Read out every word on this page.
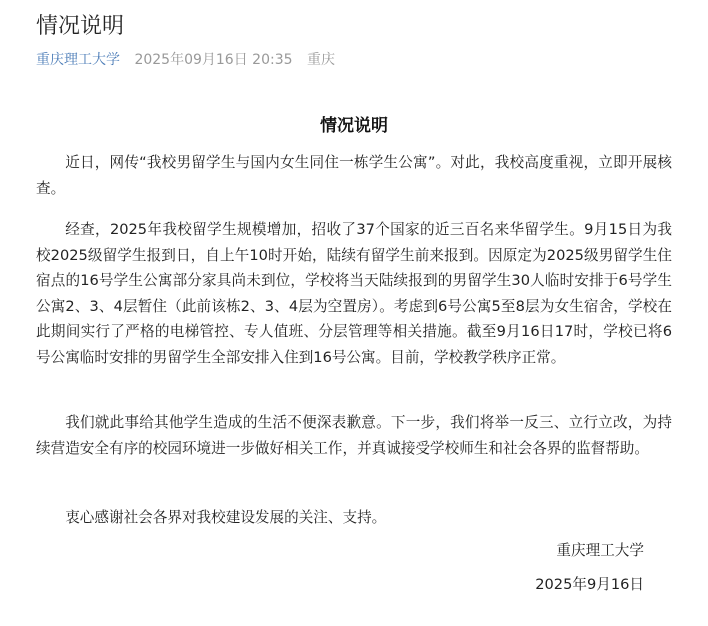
情况说明
重庆理工大学 2025年09月16日 20:35 重庆
情况说明

近日，网传“我校男留学生与国内女生同住一栋学生公寓”。对此，我校高度重视，立即开展核查。

经查，2025年我校留学生规模增加，招收了37个国家的近三百名来华留学生。9月15日为我校2025级留学生报到日，自上午10时开始，陆续有留学生前来报到。因原定为2025级男留学生住宿点的16号学生公寓部分家具尚未到位，学校将当天陆续报到的男留学生30人临时安排于6号学生公寓2、3、4层暂住（此前该栋2、3、4层为空置房）。考虑到6号公寓5至8层为女生宿舍，学校在此期间实行了严格的电梯管控、专人值班、分层管理等相关措施。截至9月16日17时，学校已将6号公寓临时安排的男留学生全部安排入住到16号公寓。目前，学校教学秩序正常。

我们就此事给其他学生造成的生活不便深表歉意。下一步，我们将举一反三、立行立改，为持续营造安全有序的校园环境进一步做好相关工作，并真诚接受学校师生和社会各界的监督帮助。

衷心感谢社会各界对我校建设发展的关注、支持。

重庆理工大学
2025年9月16日
